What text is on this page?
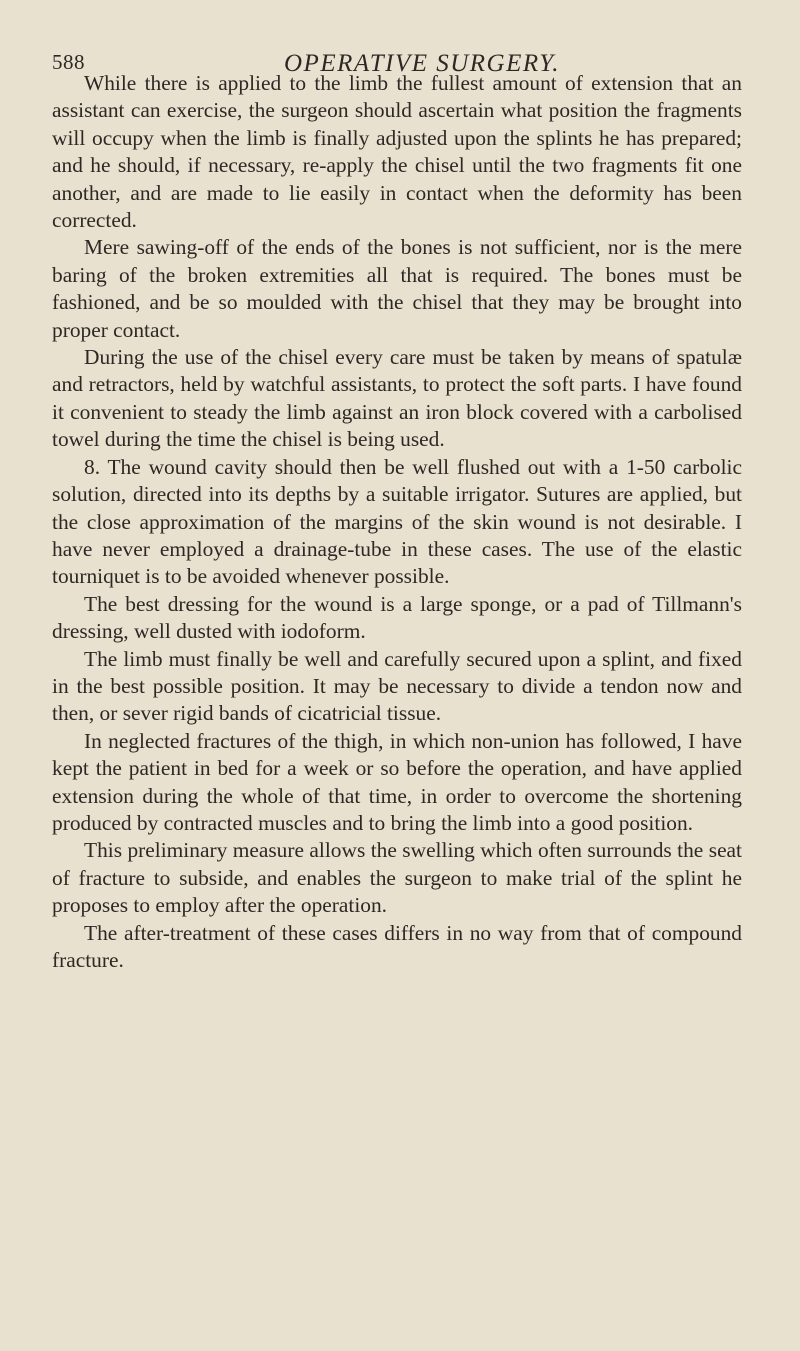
588	OPERATIVE SURGERY.

While there is applied to the limb the fullest amount of extension that an assistant can exercise, the surgeon should ascertain what position the fragments will occupy when the limb is finally adjusted upon the splints he has prepared; and he should, if necessary, re-apply the chisel until the two fragments fit one another, and are made to lie easily in contact when the deformity has been corrected.

Mere sawing-off of the ends of the bones is not sufficient, nor is the mere baring of the broken extremities all that is required. The bones must be fashioned, and be so moulded with the chisel that they may be brought into proper contact.

During the use of the chisel every care must be taken by means of spatulæ and retractors, held by watchful assistants, to protect the soft parts. I have found it convenient to steady the limb against an iron block covered with a carbolised towel during the time the chisel is being used.

8. The wound cavity should then be well flushed out with a 1-50 carbolic solution, directed into its depths by a suitable irrigator. Sutures are applied, but the close approximation of the margins of the skin wound is not desirable. I have never employed a drainage-tube in these cases. The use of the elastic tourniquet is to be avoided whenever possible.

The best dressing for the wound is a large sponge, or a pad of Tillmann's dressing, well dusted with iodoform.

The limb must finally be well and carefully secured upon a splint, and fixed in the best possible position. It may be necessary to divide a tendon now and then, or sever rigid bands of cicatricial tissue.

In neglected fractures of the thigh, in which non-union has followed, I have kept the patient in bed for a week or so before the operation, and have applied extension during the whole of that time, in order to overcome the shortening produced by contracted muscles and to bring the limb into a good position.

This preliminary measure allows the swelling which often surrounds the seat of fracture to subside, and enables the surgeon to make trial of the splint he proposes to employ after the operation.

The after-treatment of these cases differs in no way from that of compound fracture.
